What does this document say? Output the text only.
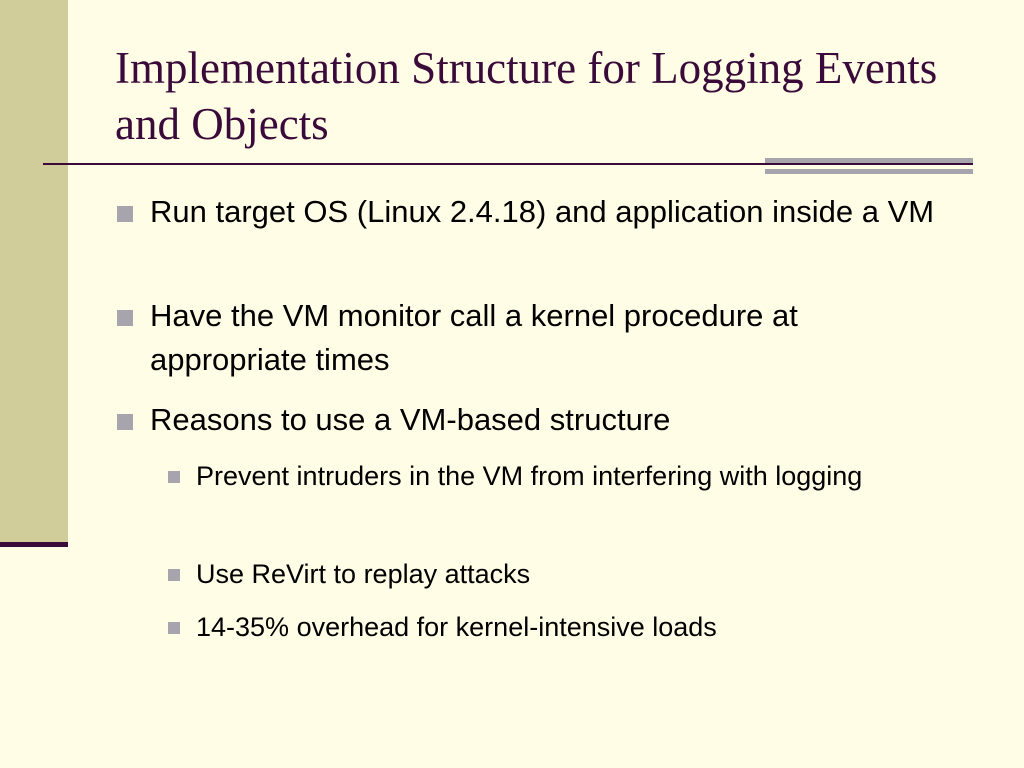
Implementation Structure for Logging Events and Objects
Run target OS (Linux 2.4.18) and application inside a VM
Have the VM monitor call a kernel procedure at appropriate times
Reasons to use a VM-based structure
Prevent intruders in the VM from interfering with logging
Use ReVirt to replay attacks
14-35% overhead for kernel-intensive loads
